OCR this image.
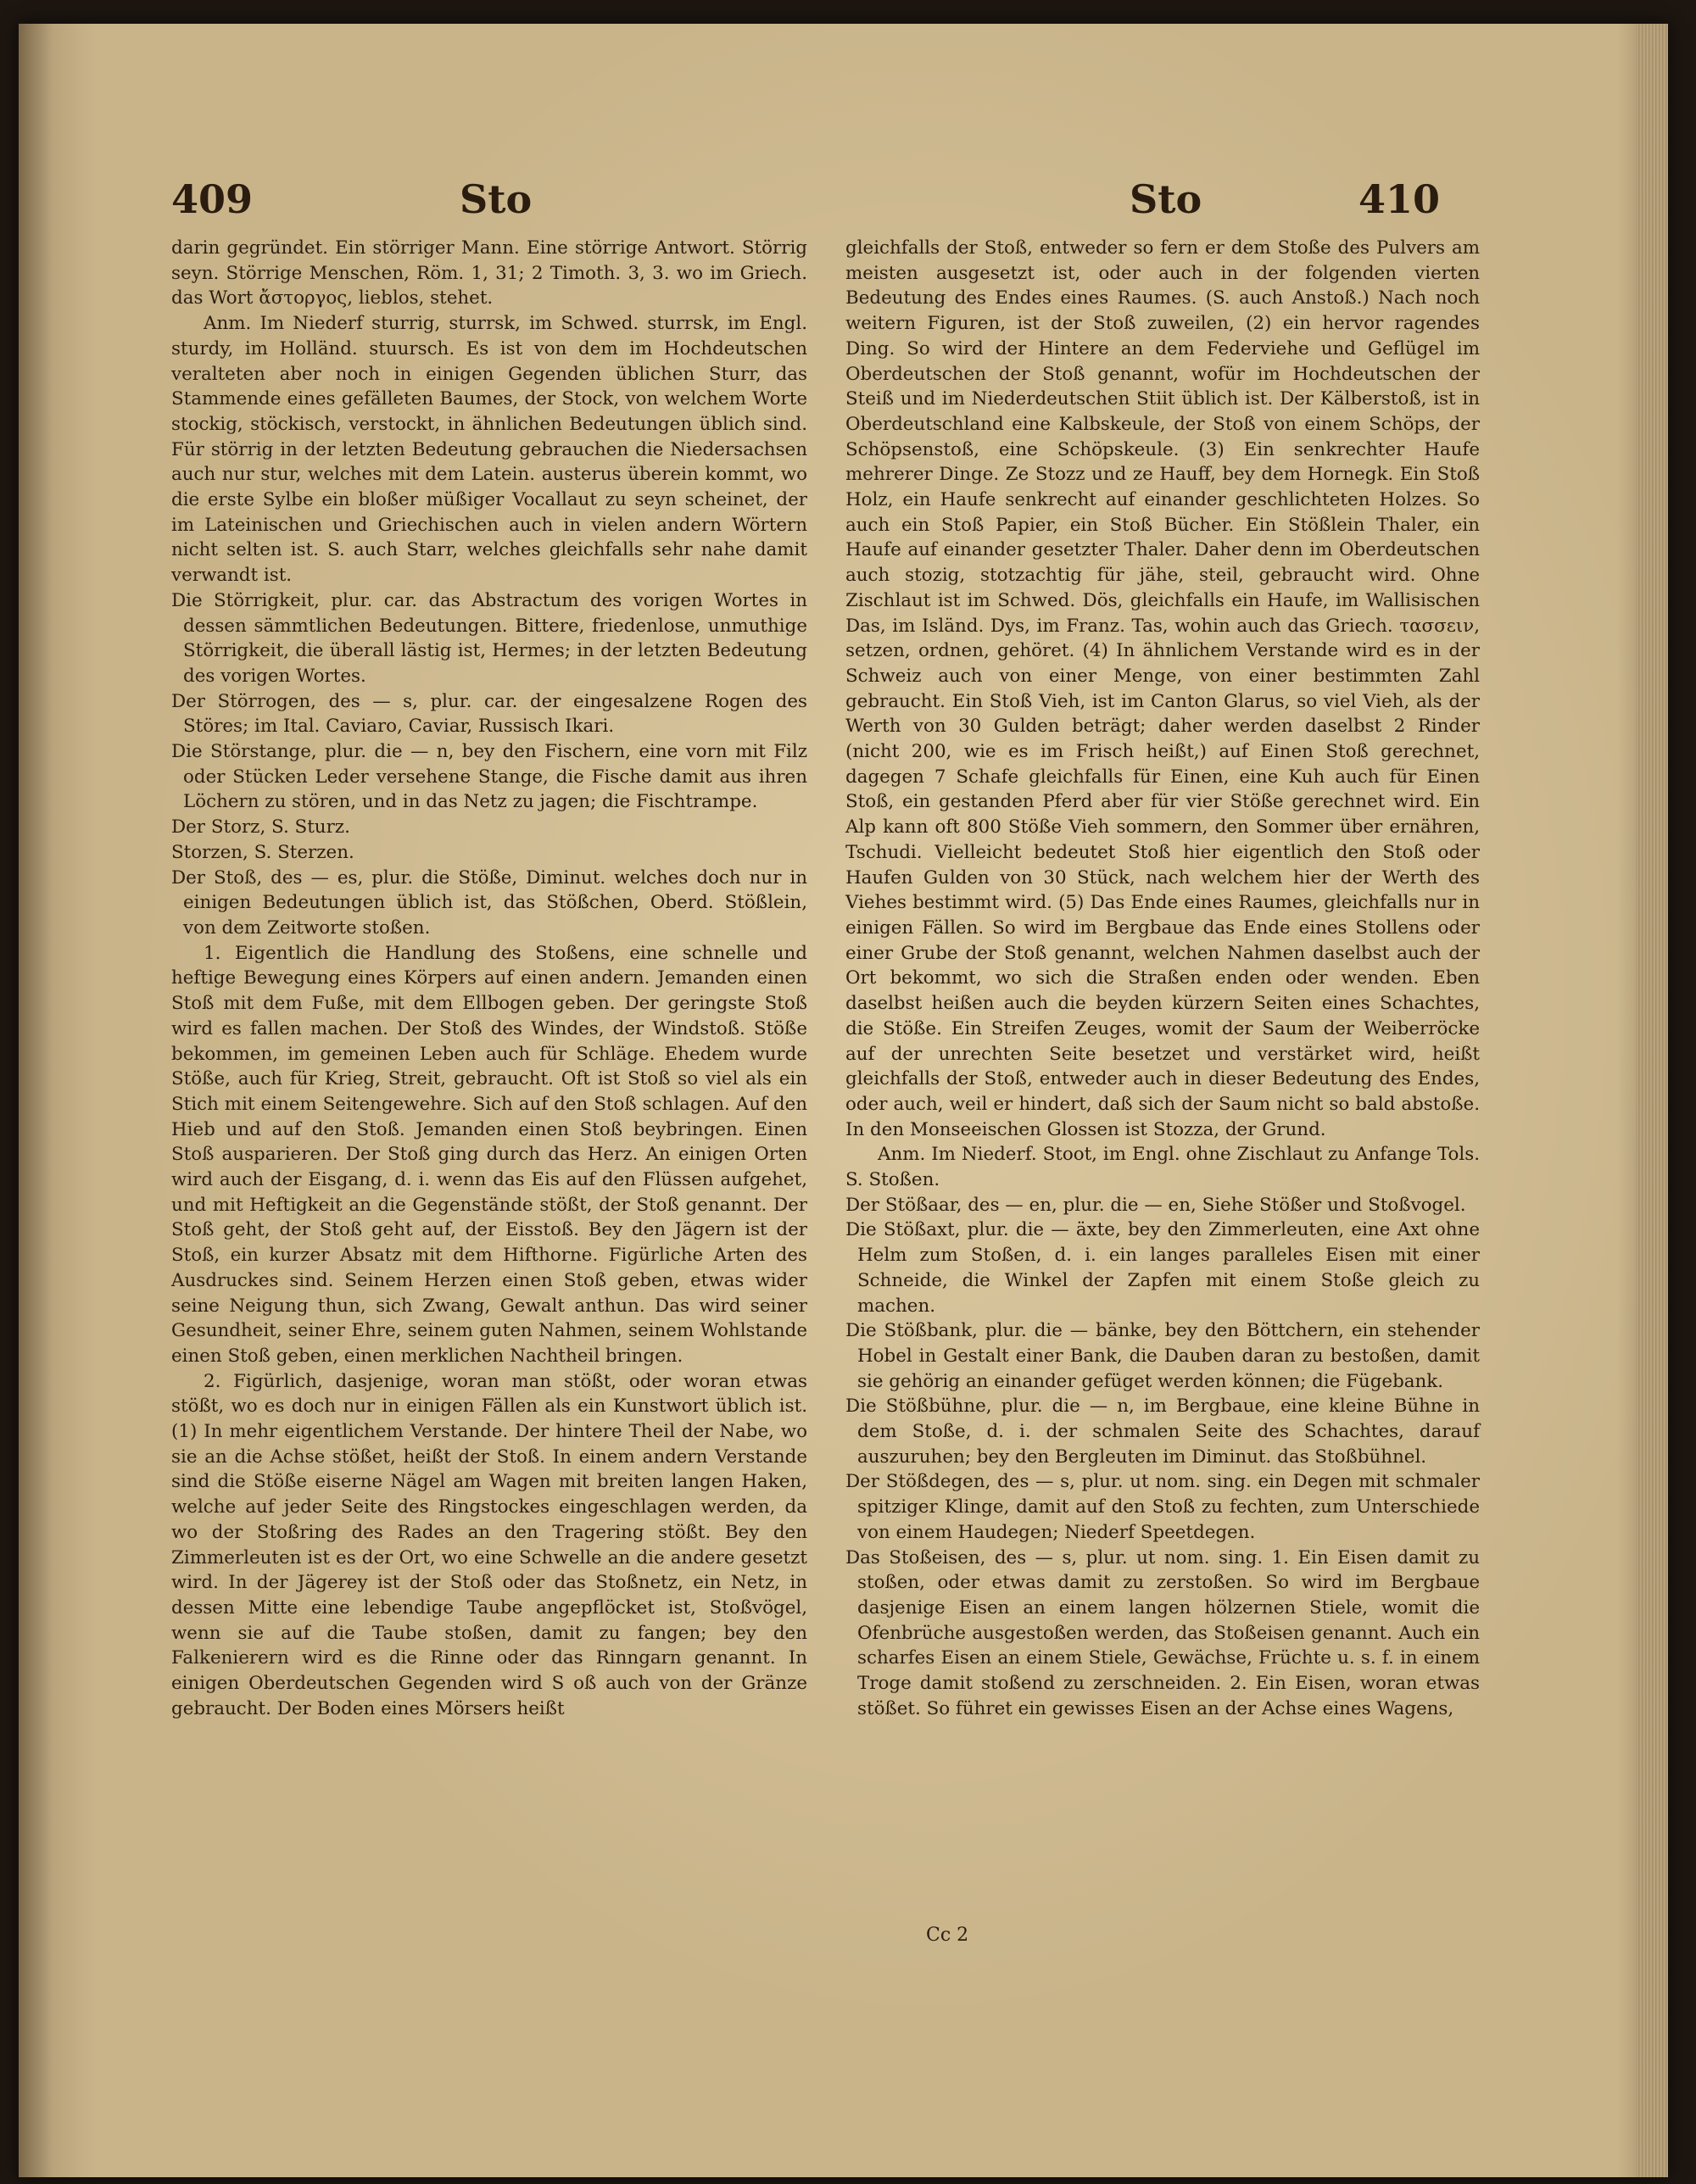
409	Sto	Sto	410

darin gegründet. Ein störriger Mann. Eine störrige Antwort. Störrig seyn. Störrige Menschen, Röm. 1, 31; 2 Timoth. 3, 3. wo im Griech. das Wort ἄστοργος, lieblos, stehet.

Anm. Im Niederf sturrig, sturrsk, im Schwed. sturrsk, im Engl. sturdy, im Holländ. stuursch. Es ist von dem im Hochdeutschen veralteten aber noch in einigen Gegenden üblichen Sturr, das Stammende eines gefälleten Baumes, der Stock, von welchem Worte stockig, stöckisch, verstockt, in ähnlichen Bedeutungen üblich sind. Für störrig in der letzten Bedeutung gebrauchen die Niedersachsen auch nur stur, welches mit dem Latein. austerus überein kommt, wo die erste Sylbe ein bloßer müßiger Vocallaut zu seyn scheinet, der im Lateinischen und Griechischen auch in vielen andern Wörtern nicht selten ist. S. auch Starr, welches gleichfalls sehr nahe damit verwandt ist.

Die Störrigkeit, plur. car. das Abstractum des vorigen Wortes in dessen sämmtlichen Bedeutungen. Bittere, friedenlose, unmuthige Störrigkeit, die überall lästig ist, Hermes; in der letzten Bedeutung des vorigen Wortes.

Der Störrogen, des — s, plur. car. der eingesalzene Rogen des Störes; im Ital. Caviaro, Caviar, Russisch Ikari.

Die Störstange, plur. die — n, bey den Fischern, eine vorn mit Filz oder Stücken Leder versehene Stange, die Fische damit aus ihren Löchern zu stören, und in das Netz zu jagen; die Fischtrampe.

Der Storz, S. Sturz.

Storzen, S. Sterzen.

Der Stoß, des — es, plur. die Stöße, Diminut. welches doch nur in einigen Bedeutungen üblich ist, das Stößchen, Oberd. Stößlein, von dem Zeitworte stoßen.

1. Eigentlich die Handlung des Stoßens, eine schnelle und heftige Bewegung eines Körpers auf einen andern. Jemanden einen Stoß mit dem Fuße, mit dem Ellbogen geben. Der geringste Stoß wird es fallen machen. Der Stoß des Windes, der Windstoß. Stöße bekommen, im gemeinen Leben auch für Schläge. Ehedem wurde Stöße, auch für Krieg, Streit, gebraucht. Oft ist Stoß so viel als ein Stich mit einem Seitengewehre. Sich auf den Stoß schlagen. Auf den Hieb und auf den Stoß. Jemanden einen Stoß beybringen. Einen Stoß ausparieren. Der Stoß ging durch das Herz. An einigen Orten wird auch der Eisgang, d. i. wenn das Eis auf den Flüssen aufgehet, und mit Heftigkeit an die Gegenstände stößt, der Stoß genannt. Der Stoß geht, der Stoß geht auf, der Eisstoß. Bey den Jägern ist der Stoß, ein kurzer Absatz mit dem Hifthorne. Figürliche Arten des Ausdruckes sind. Seinem Herzen einen Stoß geben, etwas wider seine Neigung thun, sich Zwang, Gewalt anthun. Das wird seiner Gesundheit, seiner Ehre, seinem guten Nahmen, seinem Wohlstande einen Stoß geben, einen merklichen Nachtheil bringen.

2. Figürlich, dasjenige, woran man stößt, oder woran etwas stößt, wo es doch nur in einigen Fällen als ein Kunstwort üblich ist. (1) In mehr eigentlichem Verstande. Der hintere Theil der Nabe, wo sie an die Achse stößet, heißt der Stoß. In einem andern Verstande sind die Stöße eiserne Nägel am Wagen mit breiten langen Haken, welche auf jeder Seite des Ringstockes eingeschlagen werden, da wo der Stoßring des Rades an den Tragering stößt. Bey den Zimmerleuten ist es der Ort, wo eine Schwelle an die andere gesetzt wird. In der Jägerey ist der Stoß oder das Stoßnetz, ein Netz, in dessen Mitte eine lebendige Taube angepflöcket ist, Stoßvögel, wenn sie auf die Taube stoßen, damit zu fangen; bey den Falkenierern wird es die Rinne oder das Rinngarn genannt. In einigen Oberdeutschen Gegenden wird S oß auch von der Gränze gebraucht. Der Boden eines Mörsers heißt

gleichfalls der Stoß, entweder so fern er dem Stoße des Pulvers am meisten ausgesetzt ist, oder auch in der folgenden vierten Bedeutung des Endes eines Raumes. (S. auch Anstoß.) Nach noch weitern Figuren, ist der Stoß zuweilen, (2) ein hervor ragendes Ding. So wird der Hintere an dem Federviehe und Geflügel im Oberdeutschen der Stoß genannt, wofür im Hochdeutschen der Steiß und im Niederdeutschen Stiit üblich ist. Der Kälberstoß, ist in Oberdeutschland eine Kalbskeule, der Stoß von einem Schöps, der Schöpsenstoß, eine Schöpskeule. (3) Ein senkrechter Haufe mehrerer Dinge. Ze Stozz und ze Hauff, bey dem Hornegk. Ein Stoß Holz, ein Haufe senkrecht auf einander geschlichteten Holzes. So auch ein Stoß Papier, ein Stoß Bücher. Ein Stößlein Thaler, ein Haufe auf einander gesetzter Thaler. Daher denn im Oberdeutschen auch stozig, stotzachtig für jähe, steil, gebraucht wird. Ohne Zischlaut ist im Schwed. Dös, gleichfalls ein Haufe, im Wallisischen Das, im Isländ. Dys, im Franz. Tas, wohin auch das Griech. τασσειν, setzen, ordnen, gehöret. (4) In ähnlichem Verstande wird es in der Schweiz auch von einer Menge, von einer bestimmten Zahl gebraucht. Ein Stoß Vieh, ist im Canton Glarus, so viel Vieh, als der Werth von 30 Gulden beträgt; daher werden daselbst 2 Rinder (nicht 200, wie es im Frisch heißt,) auf Einen Stoß gerechnet, dagegen 7 Schafe gleichfalls für Einen, eine Kuh auch für Einen Stoß, ein gestanden Pferd aber für vier Stöße gerechnet wird. Ein Alp kann oft 800 Stöße Vieh sommern, den Sommer über ernähren, Tschudi. Vielleicht bedeutet Stoß hier eigentlich den Stoß oder Haufen Gulden von 30 Stück, nach welchem hier der Werth des Viehes bestimmt wird. (5) Das Ende eines Raumes, gleichfalls nur in einigen Fällen. So wird im Bergbaue das Ende eines Stollens oder einer Grube der Stoß genannt, welchen Nahmen daselbst auch der Ort bekommt, wo sich die Straßen enden oder wenden. Eben daselbst heißen auch die beyden kürzern Seiten eines Schachtes, die Stöße. Ein Streifen Zeuges, womit der Saum der Weiberröcke auf der unrechten Seite besetzet und verstärket wird, heißt gleichfalls der Stoß, entweder auch in dieser Bedeutung des Endes, oder auch, weil er hindert, daß sich der Saum nicht so bald abstoße. In den Monseeischen Glossen ist Stozza, der Grund.

Anm. Im Niederf. Stoot, im Engl. ohne Zischlaut zu Anfange Tols. S. Stoßen.

Der Stößaar, des — en, plur. die — en, Siehe Stößer und Stoßvogel.

Die Stößaxt, plur. die — äxte, bey den Zimmerleuten, eine Axt ohne Helm zum Stoßen, d. i. ein langes paralleles Eisen mit einer Schneide, die Winkel der Zapfen mit einem Stoße gleich zu machen.

Die Stößbank, plur. die — bänke, bey den Böttchern, ein stehender Hobel in Gestalt einer Bank, die Dauben daran zu bestoßen, damit sie gehörig an einander gefüget werden können; die Fügebank.

Die Stößbühne, plur. die — n, im Bergbaue, eine kleine Bühne in dem Stoße, d. i. der schmalen Seite des Schachtes, darauf auszuruhen; bey den Bergleuten im Diminut. das Stoßbühnel.

Der Stößdegen, des — s, plur. ut nom. sing. ein Degen mit schmaler spitziger Klinge, damit auf den Stoß zu fechten, zum Unterschiede von einem Haudegen; Niederf Speetdegen.

Das Stoßeisen, des — s, plur. ut nom. sing. 1. Ein Eisen damit zu stoßen, oder etwas damit zu zerstoßen. So wird im Bergbaue dasjenige Eisen an einem langen hölzernen Stiele, womit die Ofenbrüche ausgestoßen werden, das Stoßeisen genannt. Auch ein scharfes Eisen an einem Stiele, Gewächse, Früchte u. s. f. in einem Troge damit stoßend zu zerschneiden. 2. Ein Eisen, woran etwas stößet. So führet ein gewisses Eisen an der Achse eines Wagens,

Cc 2
